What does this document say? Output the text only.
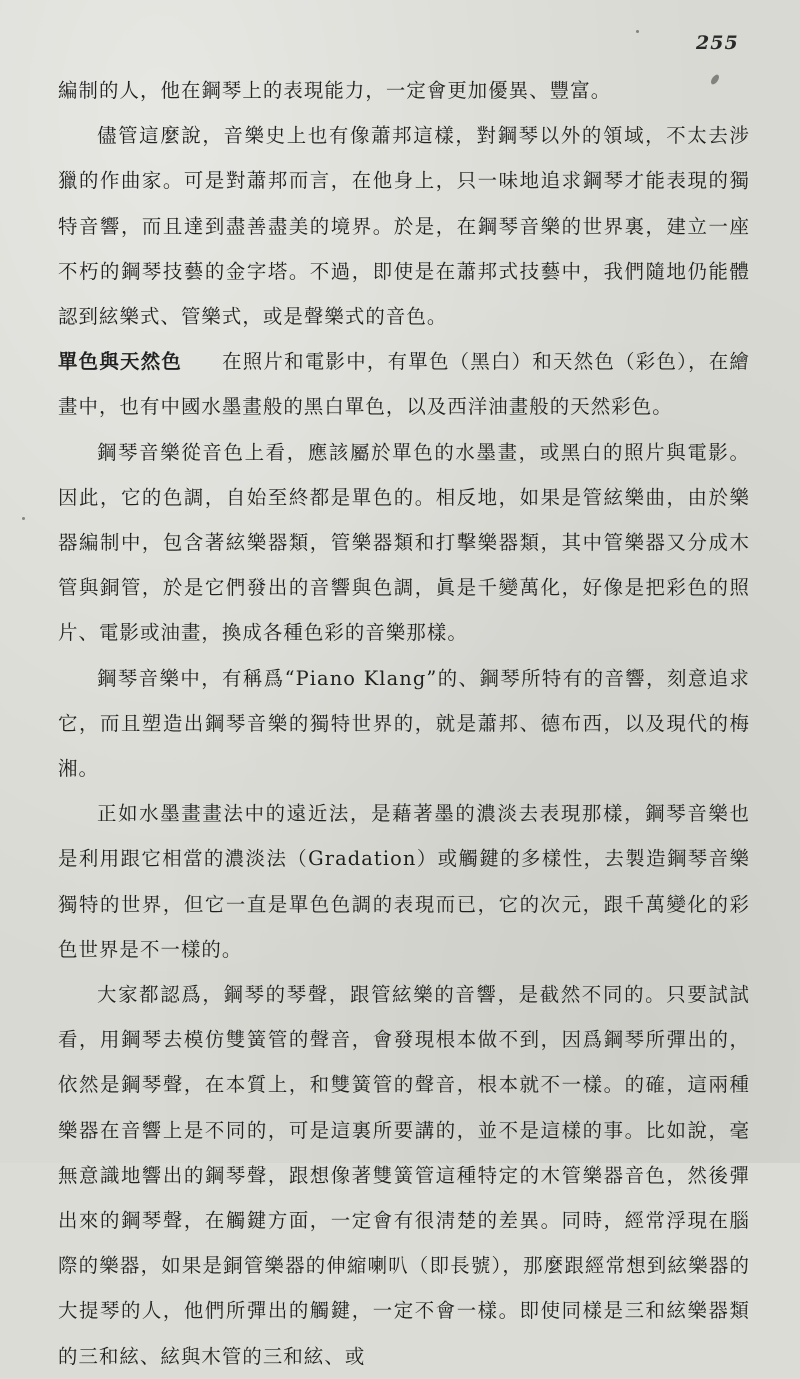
255

編制的人，他在鋼琴上的表現能力，一定會更加優異、豐富。

儘管這麼說，音樂史上也有像蕭邦這樣，對鋼琴以外的領域，不太去涉獵的作曲家。可是對蕭邦而言，在他身上，只一味地追求鋼琴才能表現的獨特音響，而且達到盡善盡美的境界。於是，在鋼琴音樂的世界裏，建立一座不朽的鋼琴技藝的金字塔。不過，即使是在蕭邦式技藝中，我們隨地仍能體認到絃樂式、管樂式，或是聲樂式的音色。

單色與天然色 在照片和電影中，有單色（黑白）和天然色（彩色），在繪畫中，也有中國水墨畫般的黑白單色，以及西洋油畫般的天然彩色。

鋼琴音樂從音色上看，應該屬於單色的水墨畫，或黑白的照片與電影。因此，它的色調，自始至終都是單色的。相反地，如果是管絃樂曲，由於樂器編制中，包含著絃樂器類，管樂器類和打擊樂器類，其中管樂器又分成木管與銅管，於是它們發出的音響與色調，眞是千變萬化，好像是把彩色的照片、電影或油畫，換成各種色彩的音樂那樣。

鋼琴音樂中，有稱爲“Piano Klang”的、鋼琴所特有的音響，刻意追求它，而且塑造出鋼琴音樂的獨特世界的，就是蕭邦、德布西，以及現代的梅湘。

正如水墨畫畫法中的遠近法，是藉著墨的濃淡去表現那樣，鋼琴音樂也是利用跟它相當的濃淡法（Gradation）或觸鍵的多樣性，去製造鋼琴音樂獨特的世界，但它一直是單色色調的表現而已，它的次元，跟千萬變化的彩色世界是不一樣的。

大家都認爲，鋼琴的琴聲，跟管絃樂的音響，是截然不同的。只要試試看，用鋼琴去模仿雙簧管的聲音，會發現根本做不到，因爲鋼琴所彈出的，依然是鋼琴聲，在本質上，和雙簧管的聲音，根本就不一樣。的確，這兩種樂器在音響上是不同的，可是這裏所要講的，並不是這樣的事。比如說，毫無意識地響出的鋼琴聲，跟想像著雙簧管這種特定的木管樂器音色，然後彈出來的鋼琴聲，在觸鍵方面，一定會有很淸楚的差異。同時，經常浮現在腦際的樂器，如果是銅管樂器的伸縮喇叭（即長號），那麼跟經常想到絃樂器的大提琴的人，他們所彈出的觸鍵，一定不會一樣。即使同樣是三和絃樂器類的三和絃、絃與木管的三和絃、或
